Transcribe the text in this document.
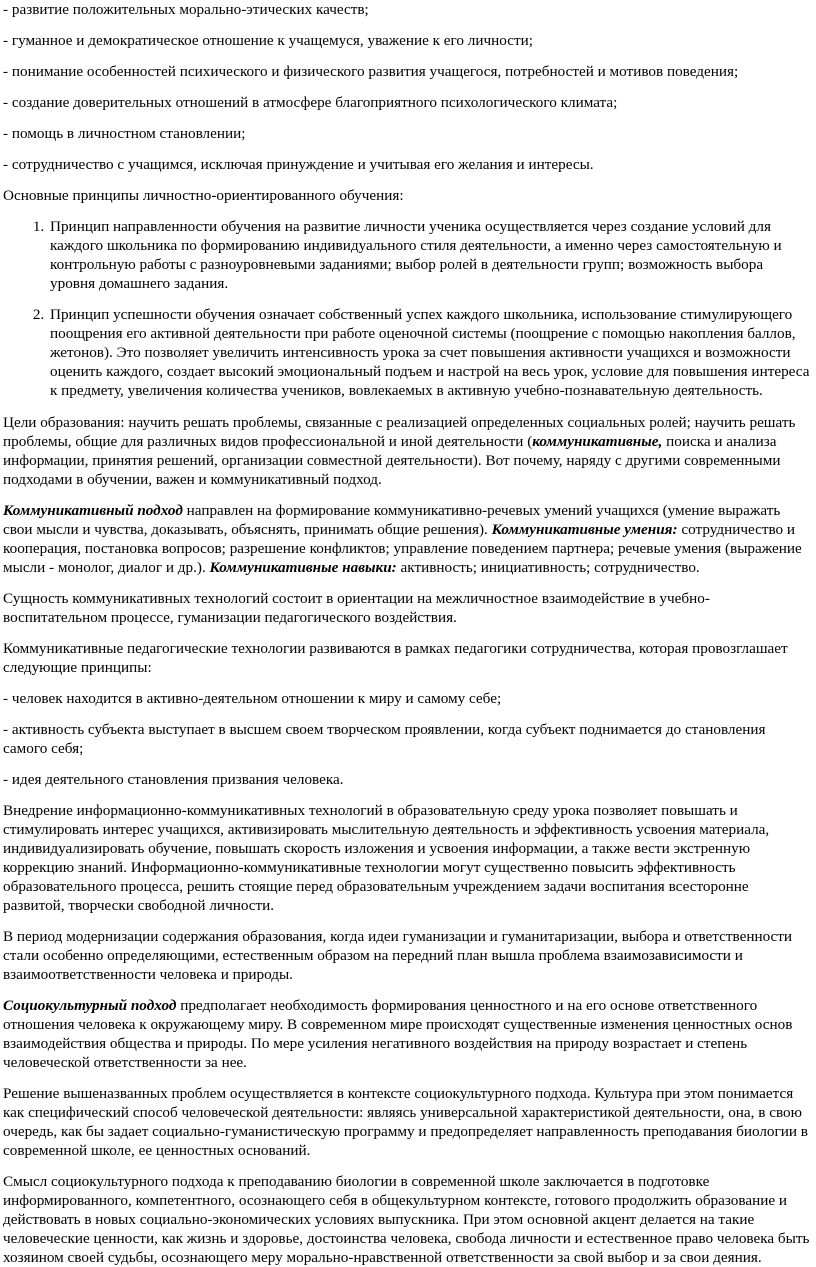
- развитие положительных морально-этических качеств;

- гуманное и демократическое отношение к учащемуся, уважение к его личности;

- понимание особенностей психического и физического развития учащегося, потребностей и мотивов поведения;

- создание доверительных отношений в атмосфере благоприятного психологического климата;

- помощь в личностном становлении;

- сотрудничество с учащимся, исключая принуждение и учитывая его желания и интересы.

Основные принципы личностно-ориентированного обучения:

1. Принцип направленности обучения на развитие личности ученика осуществляется через создание условий для каждого школьника по формированию индивидуального стиля деятельности, а именно через самостоятельную и контрольную работы с разноуровневыми заданиями; выбор ролей в деятельности групп; возможность выбора уровня домашнего задания.
2. Принцип успешности обучения означает собственный успех каждого школьника, использование стимулирующего поощрения его активной деятельности при работе оценочной системы (поощрение с помощью накопления баллов, жетонов). Это позволяет увеличить интенсивность урока за счет повышения активности учащихся и возможности оценить каждого, создает высокий эмоциональный подъем и настрой на весь урок, условие для повышения интереса к предмету, увеличения количества учеников, вовлекаемых в активную учебно-познавательную деятельность.

Цели образования: научить решать проблемы, связанные с реализацией определенных социальных ролей; научить решать проблемы, общие для различных видов профессиональной и иной деятельности (коммуникативные, поиска и анализа информации, принятия решений, организации совместной деятельности). Вот почему, наряду с другими современными подходами в обучении, важен и коммуникативный подход.

Коммуникативный подход направлен на формирование коммуникативно-речевых умений учащихся (умение выражать свои мысли и чувства, доказывать, объяснять, принимать общие решения). Коммуникативные умения: сотрудничество и кооперация, постановка вопросов; разрешение конфликтов; управление поведением партнера; речевые умения (выражение мысли - монолог, диалог и др.). Коммуникативные навыки: активность; инициативность; сотрудничество.

Сущность коммуникативных технологий состоит в ориентации на межличностное взаимодействие в учебно-воспитательном процессе, гуманизации педагогического воздействия.

Коммуникативные педагогические технологии развиваются в рамках педагогики сотрудничества, которая провозглашает следующие принципы:

- человек находится в активно-деятельном отношении к миру и самому себе;

- активность субъекта выступает в высшем своем творческом проявлении, когда субъект поднимается до становления самого себя;

- идея деятельного становления призвания человека.

Внедрение информационно-коммуникативных технологий в образовательную среду урока позволяет повышать и стимулировать интерес учащихся, активизировать мыслительную деятельность и эффективность усвоения материала, индивидуализировать обучение, повышать скорость изложения и усвоения информации, а также вести экстренную коррекцию знаний. Информационно-коммуникативные технологии могут существенно повысить эффективность образовательного процесса, решить стоящие перед образовательным учреждением задачи воспитания всесторонне развитой, творчески свободной личности.

В период модернизации содержания образования, когда идеи гуманизации и гуманитаризации, выбора и ответственности стали особенно определяющими, естественным образом на передний план вышла проблема взаимозависимости и взаимоответственности человека и природы.

Социокультурный подход предполагает необходимость формирования ценностного и на его основе ответственного отношения человека к окружающему миру. В современном мире происходят существенные изменения ценностных основ взаимодействия общества и природы. По мере усиления негативного воздействия на природу возрастает и степень человеческой ответственности за нее.

Решение вышеназванных проблем осуществляется в контексте социокультурного подхода. Культура при этом понимается как специфический способ человеческой деятельности: являясь универсальной характеристикой деятельности, она, в свою очередь, как бы задает социально-гуманистическую программу и предопределяет направленность преподавания биологии в современной школе, ее ценностных оснований.

Смысл социокультурного подхода к преподаванию биологии в современной школе заключается в подготовке информированного, компетентного, осознающего себя в общекультурном контексте, готового продолжить образование и действовать в новых социально-экономических условиях выпускника. При этом основной акцент делается на такие человеческие ценности, как жизнь и здоровье, достоинства человека, свобода личности и естественное право человека быть хозяином своей судьбы, осознающего меру морально-нравственной ответственности за свой выбор и за свои деяния.
